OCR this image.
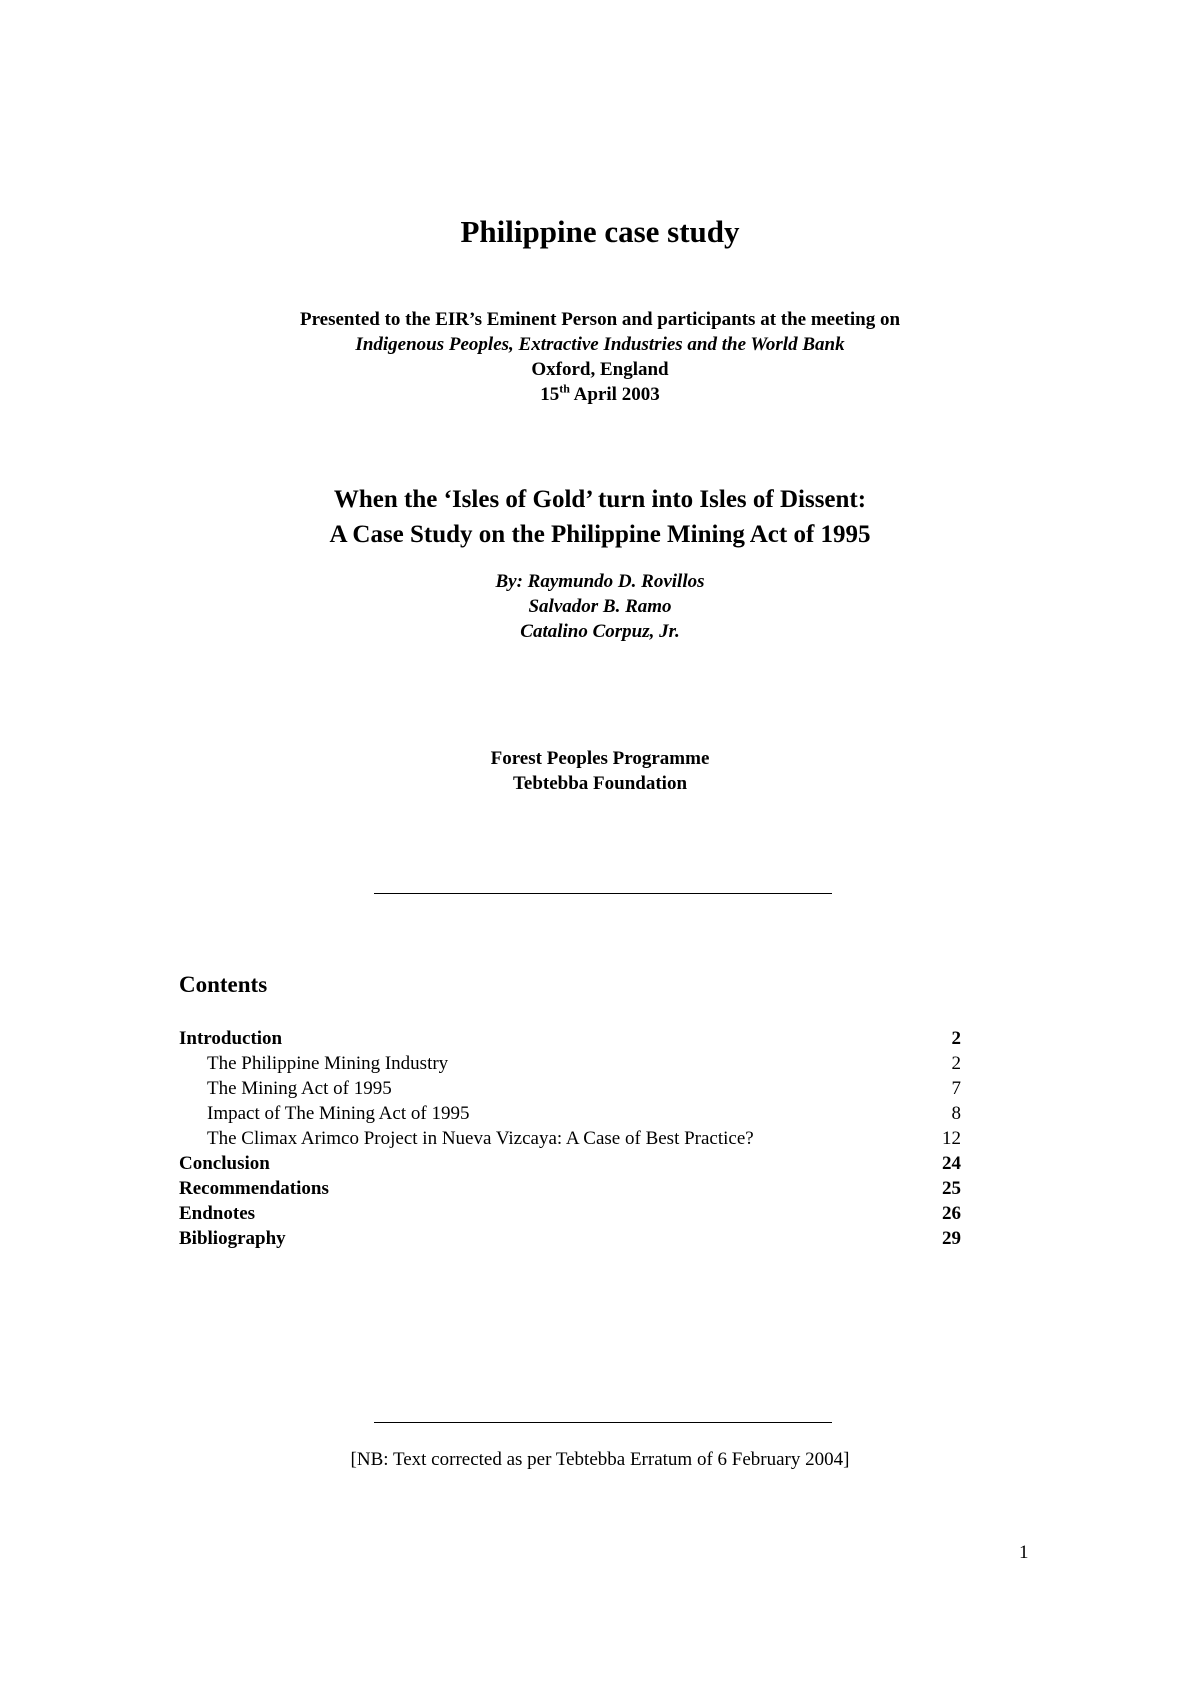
Philippine case study
Presented to the EIR’s Eminent Person and participants at the meeting on
Indigenous Peoples, Extractive Industries and the World Bank
Oxford, England
15th April 2003
When the ‘Isles of Gold’ turn into Isles of Dissent:
A Case Study on the Philippine Mining Act of 1995
By: Raymundo D. Rovillos
Salvador B. Ramo
Catalino Corpuz, Jr.
Forest Peoples Programme
Tebtebba Foundation
Contents
Introduction	2
The Philippine Mining Industry	2
The Mining Act of 1995	7
Impact of The Mining Act of 1995	8
The Climax Arimco Project in Nueva Vizcaya: A Case of Best Practice?	12
Conclusion	24
Recommendations	25
Endnotes	26
Bibliography	29
[NB: Text corrected as per Tebtebba Erratum of 6 February 2004]
1
